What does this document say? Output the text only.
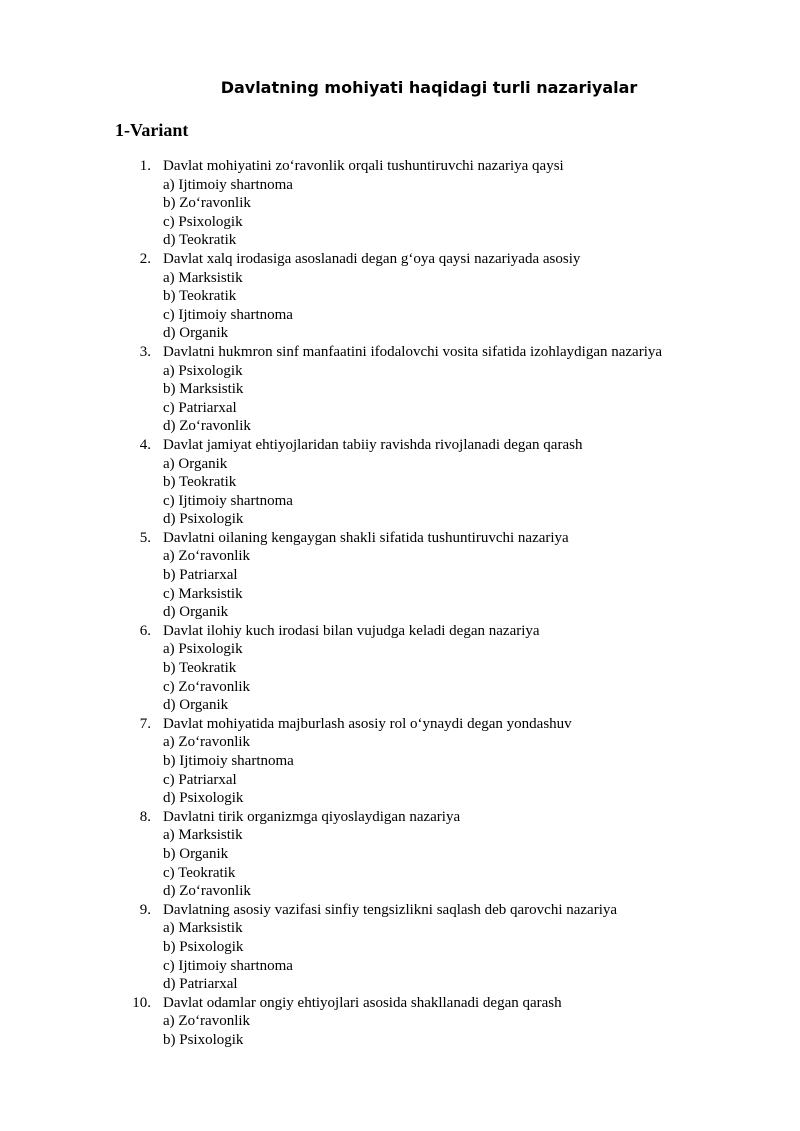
Davlatning mohiyati haqidagi turli nazariyalar
1-Variant
1. Davlat mohiyatini zo‘ravonlik orqali tushuntiruvchi nazariya qaysi
a) Ijtimoiy shartnoma
b) Zo‘ravonlik
c) Psixologik
d) Teokratik
2. Davlat xalq irodasiga asoslanadi degan g‘oya qaysi nazariyada asosiy
a) Marksistik
b) Teokratik
c) Ijtimoiy shartnoma
d) Organik
3. Davlatni hukmron sinf manfaatini ifodalovchi vosita sifatida izohlaydigan nazariya
a) Psixologik
b) Marksistik
c) Patriarxal
d) Zo‘ravonlik
4. Davlat jamiyat ehtiyojlaridan tabiiy ravishda rivojlanadi degan qarash
a) Organik
b) Teokratik
c) Ijtimoiy shartnoma
d) Psixologik
5. Davlatni oilaning kengaygan shakli sifatida tushuntiruvchi nazariya
a) Zo‘ravonlik
b) Patriarxal
c) Marksistik
d) Organik
6. Davlat ilohiy kuch irodasi bilan vujudga keladi degan nazariya
a) Psixologik
b) Teokratik
c) Zo‘ravonlik
d) Organik
7. Davlat mohiyatida majburlash asosiy rol o‘ynaydi degan yondashuv
a) Zo‘ravonlik
b) Ijtimoiy shartnoma
c) Patriarxal
d) Psixologik
8. Davlatni tirik organizmga qiyoslaydigan nazariya
a) Marksistik
b) Organik
c) Teokratik
d) Zo‘ravonlik
9. Davlatning asosiy vazifasi sinfiy tengsizlikni saqlash deb qarovchi nazariya
a) Marksistik
b) Psixologik
c) Ijtimoiy shartnoma
d) Patriarxal
10. Davlat odamlar ongiy ehtiyojlari asosida shakllanadi degan qarash
a) Zo‘ravonlik
b) Psixologik
